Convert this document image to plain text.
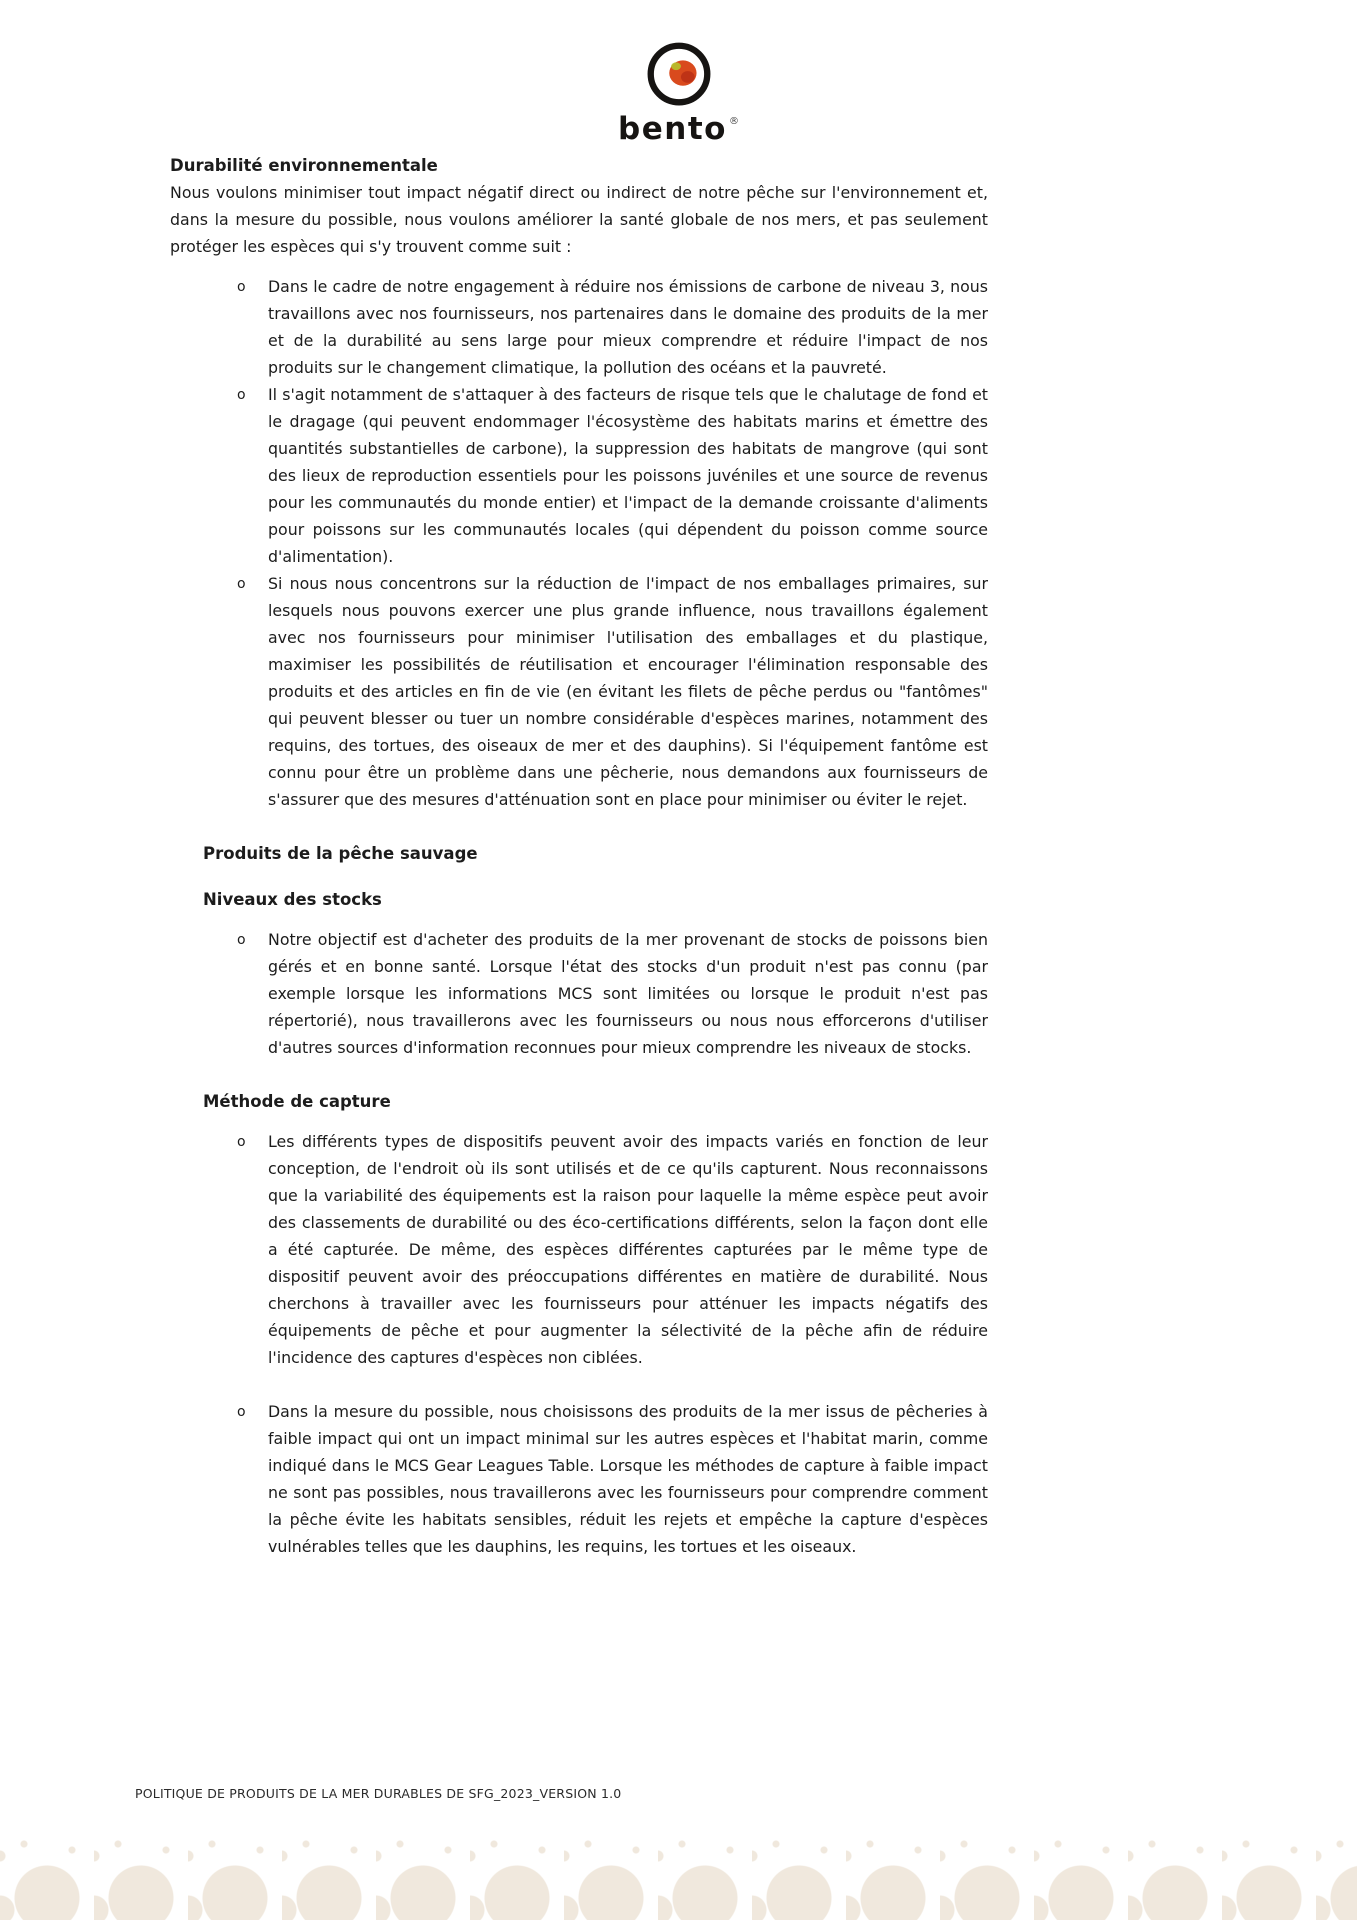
bento ®
Durabilité environnementale

Nous voulons minimiser tout impact négatif direct ou indirect de notre pêche sur l'environnement et, dans la mesure du possible, nous voulons améliorer la santé globale de nos mers, et pas seulement protéger les espèces qui s'y trouvent comme suit :

o Dans le cadre de notre engagement à réduire nos émissions de carbone de niveau 3, nous travaillons avec nos fournisseurs, nos partenaires dans le domaine des produits de la mer et de la durabilité au sens large pour mieux comprendre et réduire l'impact de nos produits sur le changement climatique, la pollution des océans et la pauvreté.
o Il s'agit notamment de s'attaquer à des facteurs de risque tels que le chalutage de fond et le dragage (qui peuvent endommager l'écosystème des habitats marins et émettre des quantités substantielles de carbone), la suppression des habitats de mangrove (qui sont des lieux de reproduction essentiels pour les poissons juvéniles et une source de revenus pour les communautés du monde entier) et l'impact de la demande croissante d'aliments pour poissons sur les communautés locales (qui dépendent du poisson comme source d'alimentation).
o Si nous nous concentrons sur la réduction de l'impact de nos emballages primaires, sur lesquels nous pouvons exercer une plus grande influence, nous travaillons également avec nos fournisseurs pour minimiser l'utilisation des emballages et du plastique, maximiser les possibilités de réutilisation et encourager l'élimination responsable des produits et des articles en fin de vie (en évitant les filets de pêche perdus ou "fantômes" qui peuvent blesser ou tuer un nombre considérable d'espèces marines, notamment des requins, des tortues, des oiseaux de mer et des dauphins). Si l'équipement fantôme est connu pour être un problème dans une pêcherie, nous demandons aux fournisseurs de s'assurer que des mesures d'atténuation sont en place pour minimiser ou éviter le rejet.
Produits de la pêche sauvage
Niveaux des stocks
o Notre objectif est d'acheter des produits de la mer provenant de stocks de poissons bien gérés et en bonne santé. Lorsque l'état des stocks d'un produit n'est pas connu (par exemple lorsque les informations MCS sont limitées ou lorsque le produit n'est pas répertorié), nous travaillerons avec les fournisseurs ou nous nous efforcerons d'utiliser d'autres sources d'information reconnues pour mieux comprendre les niveaux de stocks.
Méthode de capture
o Les différents types de dispositifs peuvent avoir des impacts variés en fonction de leur conception, de l'endroit où ils sont utilisés et de ce qu'ils capturent. Nous reconnaissons que la variabilité des équipements est la raison pour laquelle la même espèce peut avoir des classements de durabilité ou des éco-certifications différents, selon la façon dont elle a été capturée. De même, des espèces différentes capturées par le même type de dispositif peuvent avoir des préoccupations différentes en matière de durabilité. Nous cherchons à travailler avec les fournisseurs pour atténuer les impacts négatifs des équipements de pêche et pour augmenter la sélectivité de la pêche afin de réduire l'incidence des captures d'espèces non ciblées.
o Dans la mesure du possible, nous choisissons des produits de la mer issus de pêcheries à faible impact qui ont un impact minimal sur les autres espèces et l'habitat marin, comme indiqué dans le MCS Gear Leagues Table. Lorsque les méthodes de capture à faible impact ne sont pas possibles, nous travaillerons avec les fournisseurs pour comprendre comment la pêche évite les habitats sensibles, réduit les rejets et empêche la capture d'espèces vulnérables telles que les dauphins, les requins, les tortues et les oiseaux.
POLITIQUE DE PRODUITS DE LA MER DURABLES DE SFG_2023_VERSION 1.0
